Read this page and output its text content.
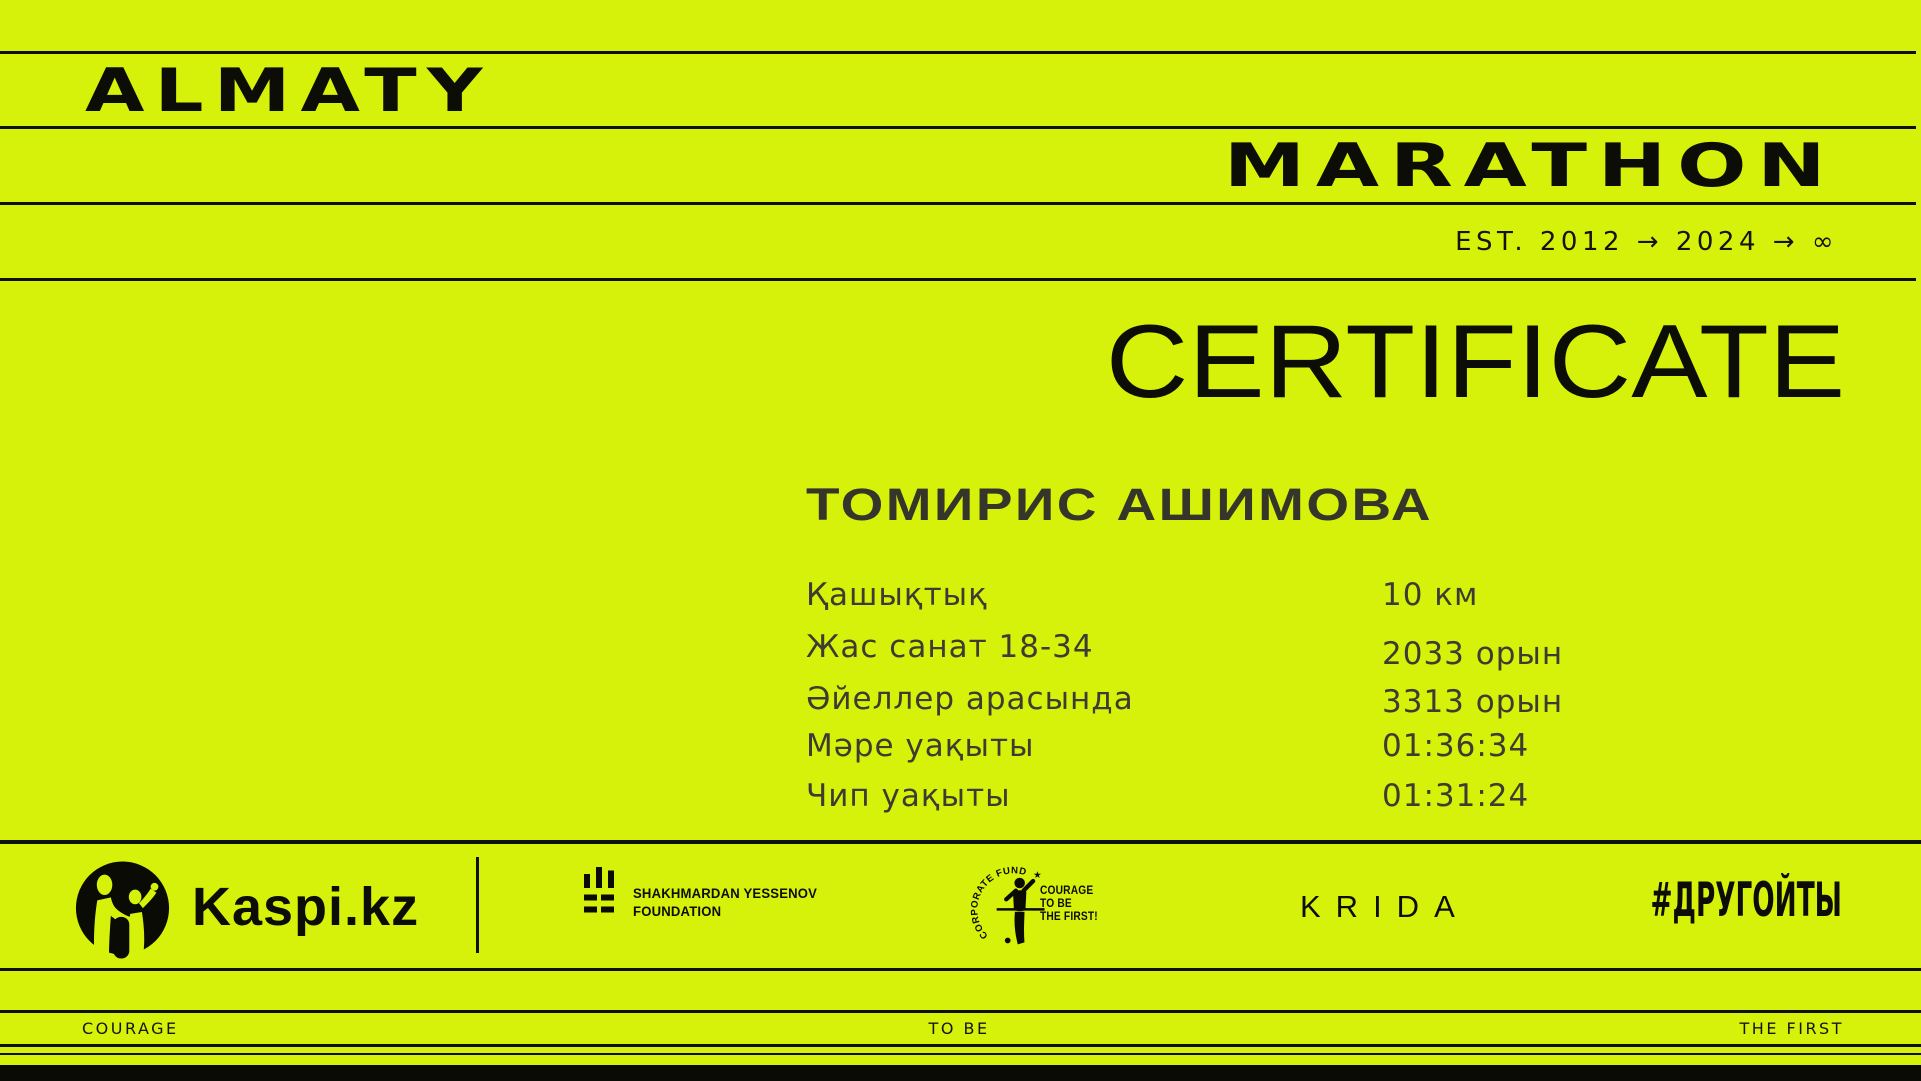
ALMATY
MARATHON
EST. 2012 → 2024 → ∞
CERTIFICATE
ТОМИРИС АШИМОВА
Қашықтық	10 км
Жас санат 18-34	2033 орын
Әйеллер арасында	3313 орын
Мәре уақыты	01:36:34
Чип уақыты	01:31:24
Kaspi.kz	SHAKHMARDAN YESSENOV
FOUNDATION
CORPORATE FUND ★
COURAGE
TO BE
THE FIRST!	KRIDA	#ДРУГОЙТЫ
COURAGE	TO BE	THE FIRST
